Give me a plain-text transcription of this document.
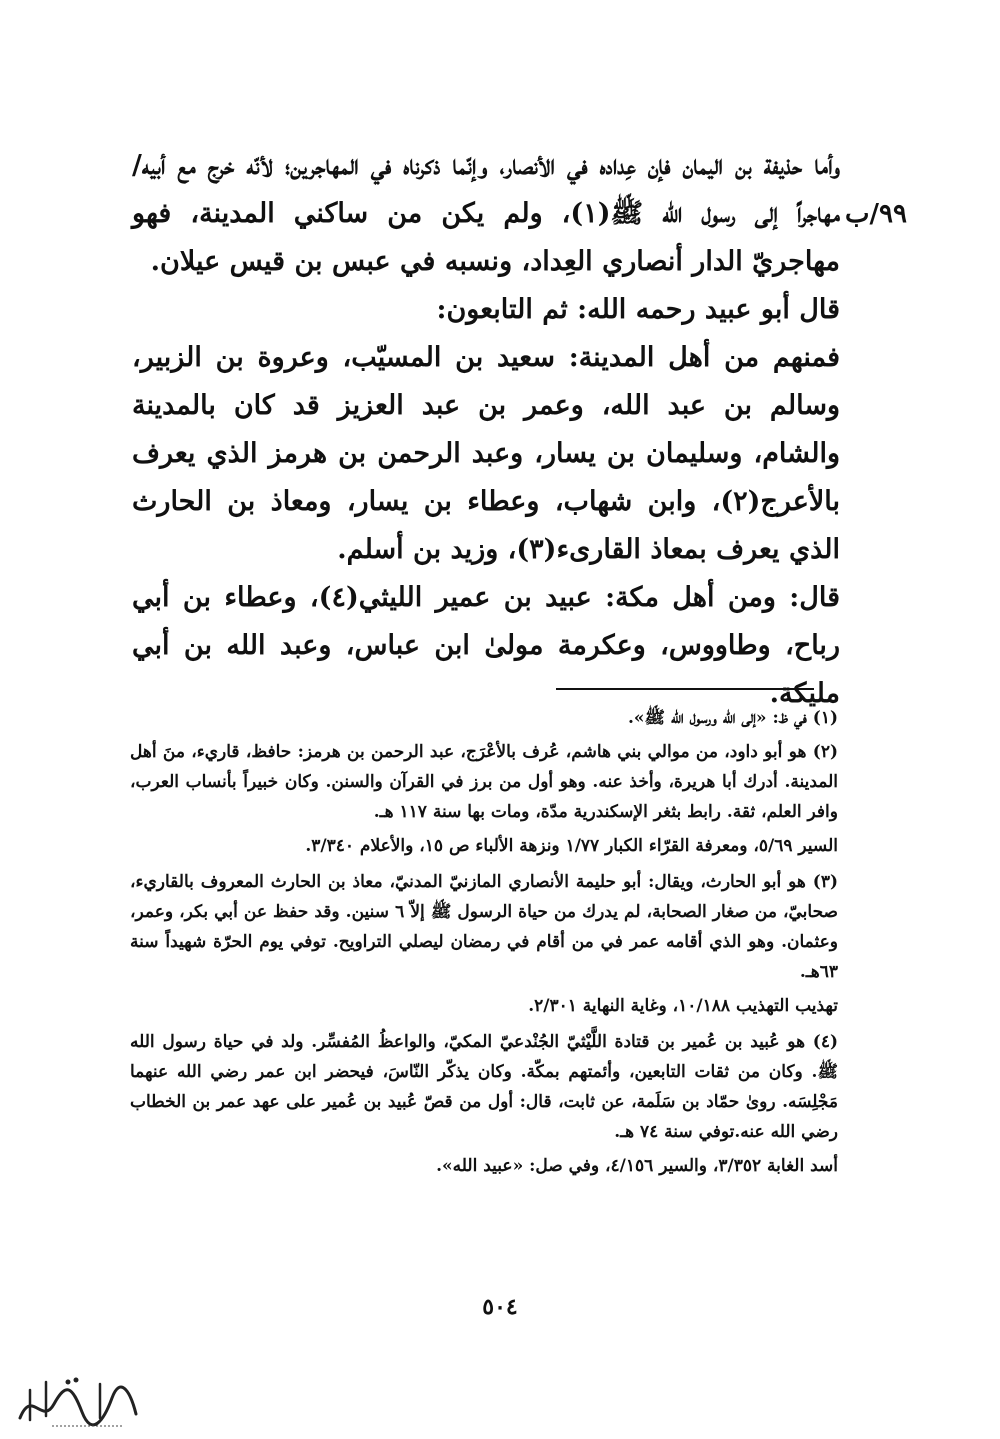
٩٩/ب

وأما حذيفة بن اليمان فإن عِداده في الأنصار، وإنّما ذكرناه في المهاجرين؛ لأنّه خرج مع أبيه/ مهاجراً إلى رسول الله ﷺ(١)، ولم يكن من ساكني المدينة، فهو مهاجريّ الدار أنصاري العِداد، ونسبه في عبس بن قيس عيلان.

قال أبو عبيد رحمه الله: ثم التابعون:

فمنهم من أهل المدينة: سعيد بن المسيّب، وعروة بن الزبير، وسالم بن عبد الله، وعمر بن عبد العزيز قد كان بالمدينة والشام، وسليمان بن يسار، وعبد الرحمن بن هرمز الذي يعرف بالأعرج(٢)، وابن شهاب، وعطاء بن يسار، ومعاذ بن الحارث الذي يعرف بمعاذ القارىء(٣)، وزيد بن أسلم.

قال: ومن أهل مكة: عبيد بن عمير الليثي(٤)، وعطاء بن أبي رباح، وطاووس، وعكرمة مولىٰ ابن عباس، وعبد الله بن أبي مليكة.

(١) في ظ: «إلى الله ورسول الله ﷺ».

(٢) هو أبو داود، من موالي بني هاشم، عُرف بالأعْرَج، عبد الرحمن بن هرمز: حافظ، قاريء، منَ أهل المدينة. أدرك أبا هريرة، وأخذ عنه. وهو أول من برز في القرآن والسنن. وكان خبيراً بأنساب العرب، وافر العلم، ثقة. رابط بثغر الإسكندرية مدّة، ومات بها سنة ١١٧ هـ.

السير ٥/٦٩، ومعرفة القرّاء الكبار ١/٧٧ ونزهة الألباء ص ١٥، والأعلام ٣/٣٤٠.

(٣) هو أبو الحارث، ويقال: أبو حليمة الأنصاري المازنيّ المدنيّ، معاذ بن الحارث المعروف بالقاريء، صحابيّ، من صغار الصحابة، لم يدرك من حياة الرسول ﷺ إلاّ ٦ سنين. وقد حفظ عن أبي بكر، وعمر، وعثمان. وهو الذي أقامه عمر في من أقام في رمضان ليصلي التراويح. توفي يوم الحرّة شهيداً سنة ٦٣هـ.

تهذيب التهذيب ١٠/١٨٨، وغاية النهاية ٢/٣٠١.

(٤) هو عُبيد بن عُمير بن قتادة اللَّيْثيّ الجُنْدعيّ المكيّ، والواعظُ المُفسِّر. ولد في حياة رسول الله ﷺ. وكان من ثقات التابعين، وأئمتهم بمكّة. وكان يذكّر النّاسَ، فيحضر ابن عمر رضي الله عنهما مَجْلِسَه. روىٰ حمّاد بن سَلَمة، عن ثابت، قال: أول من قصّ عُبيد بن عُمير على عهد عمر بن الخطاب رضي الله عنه.توفي سنة ٧٤ هـ.

أسد الغابة ٣/٣٥٢، والسير ٤/١٥٦، وفي صل: «عبيد الله».

٥٠٤
